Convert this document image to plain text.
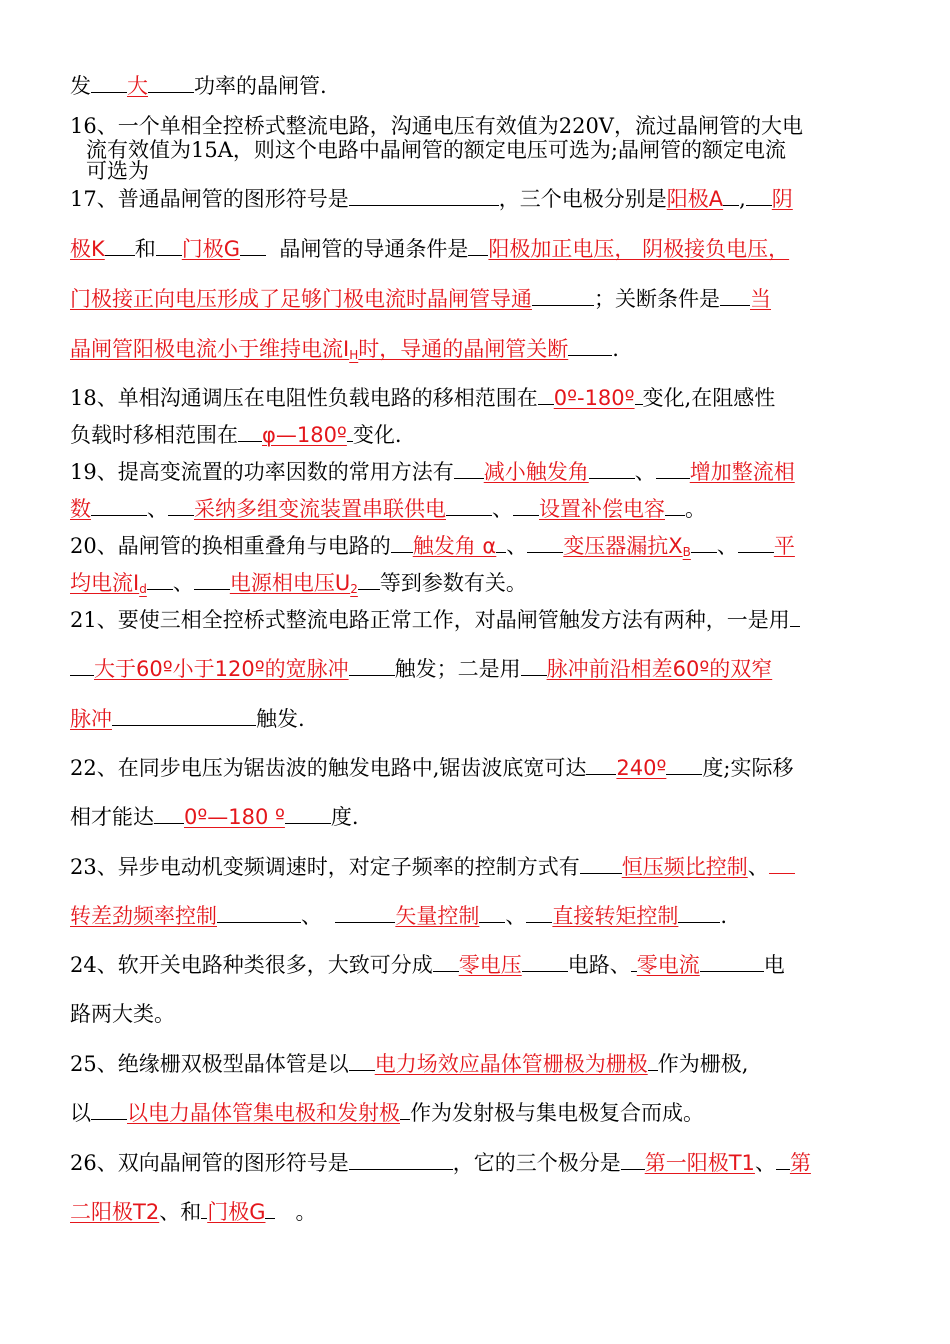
发 大 功率的晶闸管.
16、一个单相全控桥式整流电路，沟通电压有效值为220V，流过晶闸管的大电
流有效值为15A，则这个电路中晶闸管的额定电压可选为;晶闸管的额定电流
可选为
17、普通晶闸管的图形符号是	，三个电极分别是阳极A , 阴
极K 和 门极G 晶闸管的导通条件是 阳极加正电压， 阴极接负电压，
门极接正向电压形成了足够门极电流时晶闸管导通	；关断条件是 当
晶闸管阳极电流小于维持电流$I_H$时，导通的晶闸管关断 .
18、单相沟通调压在电阻性负载电路的移相范围在 0º-180º 变化,在阻感性
负载时移相范围在 φ—180º 变化.
19、提高变流置的功率因数的常用方法有 减小触发角 、 增加整流相
数	、 采纳多组变流装置串联供电 、 设置补偿电容 。
20、晶闸管的换相重叠角与电路的 触发角 α 、 变压器漏抗$X_B$ 、 平
均电流$I_d$ 、 电源相电压$U_2$ 等到参数有关。
21、要使三相全控桥式整流电路正常工作，对晶闸管触发方法有两种，一是用
大于60º小于120º的宽脉冲 触发；二是用 脉冲前沿相差60º的双窄
脉冲	触发.
22、在同步电压为锯齿波的触发电路中,锯齿波底宽可达 240º 度;实际移
相才能达 0º—180 º 度.
23、异步电动机变频调速时，对定子频率的控制方式有 恒压频比控制、
转差劲频率控制	、	矢量控制 、 直接转矩控制 .
24、软开关电路种类很多，大致可分成 零电压 电路、 零电流	电
路两大类。
25、绝缘栅双极型晶体管是以 电力场效应晶体管栅极为栅极 作为栅极,
以 以电力晶体管集电极和发射极 作为发射极与集电极复合而成。
26、双向晶闸管的图形符号是	，它的三个极分是 第一阳极T1、 第
二阳极T2、和 门极G 。
